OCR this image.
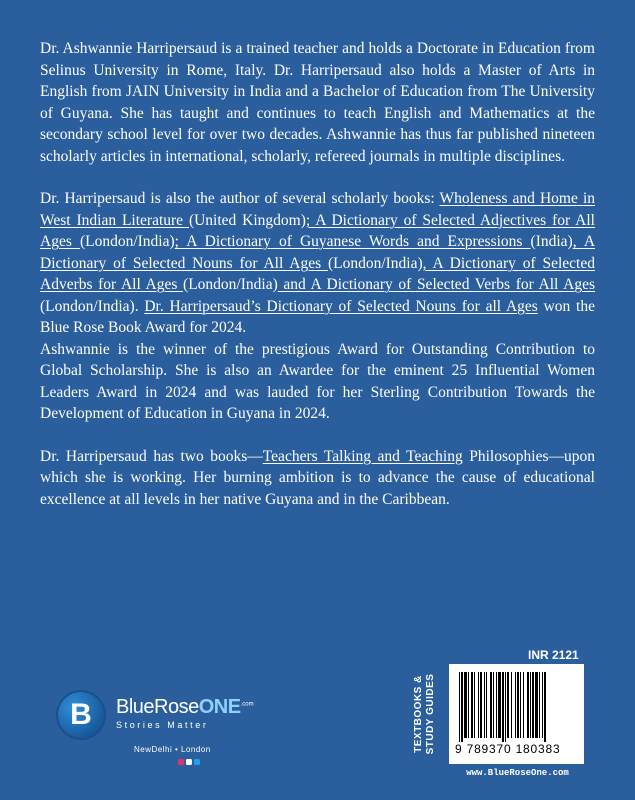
Dr. Ashwannie Harripersaud is a trained teacher and holds a Doctorate in Education from Selinus University in Rome, Italy. Dr. Harripersaud also holds a Master of Arts in English from JAIN University in India and a Bachelor of Education from The University of Guyana. She has taught and continues to teach English and Mathematics at the secondary school level for over two decades. Ashwannie has thus far published nineteen scholarly articles in international, scholarly, refereed journals in multiple disciplines.

Dr. Harripersaud is also the author of several scholarly books: Wholeness and Home in West Indian Literature (United Kingdom); A Dictionary of Selected Adjectives for All Ages (London/India); A Dictionary of Guyanese Words and Expressions (India), A Dictionary of Selected Nouns for All Ages (London/India), A Dictionary of Selected Adverbs for All Ages (London/India) and A Dictionary of Selected Verbs for All Ages (London/India). Dr. Harripersaud’s Dictionary of Selected Nouns for all Ages won the Blue Rose Book Award for 2024.

Ashwannie is the winner of the prestigious Award for Outstanding Contribution to Global Scholarship. She is also an Awardee for the eminent 25 Influential Women Leaders Award in 2024 and was lauded for her Sterling Contribution Towards the Development of Education in Guyana in 2024.

Dr. Harripersaud has two books—Teachers Talking and Teaching Philosophies—upon which she is working. Her burning ambition is to advance the cause of educational excellence at all levels in her native Guyana and in the Caribbean.

B BlueRoseONE$^{.com}$
Stories Matter
NewDelhi • London
INR 2121
TEXTBOOKS & STUDY GUIDES 9 789370 180383
www.BlueRoseOne.com
